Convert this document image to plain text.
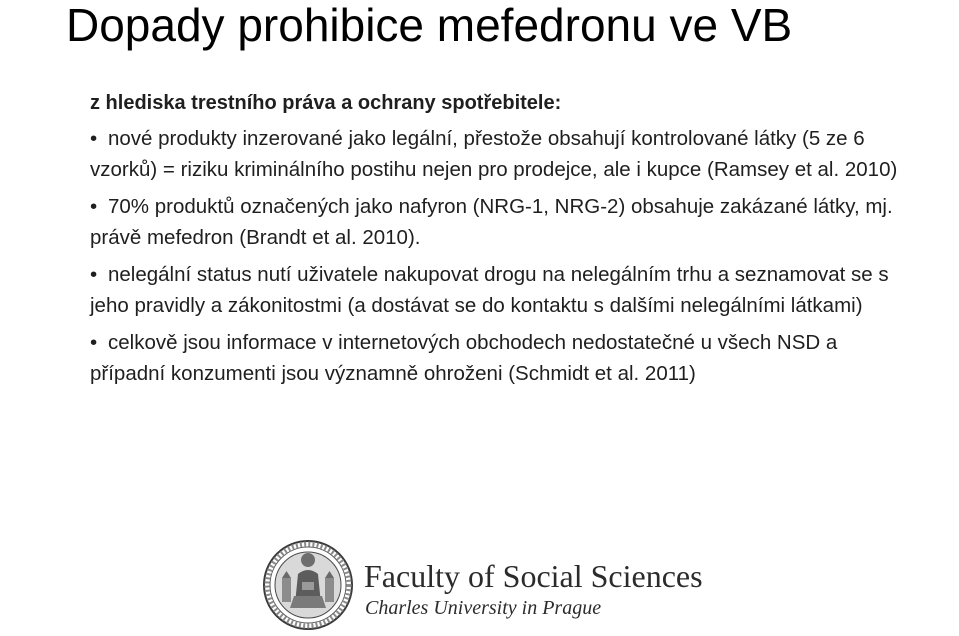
Dopady prohibice mefedronu ve VB

z hlediska trestního práva a ochrany spotřebitele:

• nové produkty inzerované jako legální, přestože obsahují kontrolované látky (5 ze 6 vzorků) = riziku kriminálního postihu nejen pro prodejce, ale i kupce (Ramsey et al. 2010)
• 70% produktů označených jako nafyron (NRG-1, NRG-2) obsahuje zakázané látky, mj. právě mefedron (Brandt et al. 2010).
• nelegální status nutí uživatele nakupovat drogu na nelegálním trhu a seznamovat se s jeho pravidly a zákonitostmi (a dostávat se do kontaktu s dalšími nelegálními látkami)
• celkově jsou informace v internetových obchodech nedostatečné u všech NSD a případní konzumenti jsou významně ohroženi (Schmidt et al. 2011)
Faculty of Social Sciences
Charles University in Prague
